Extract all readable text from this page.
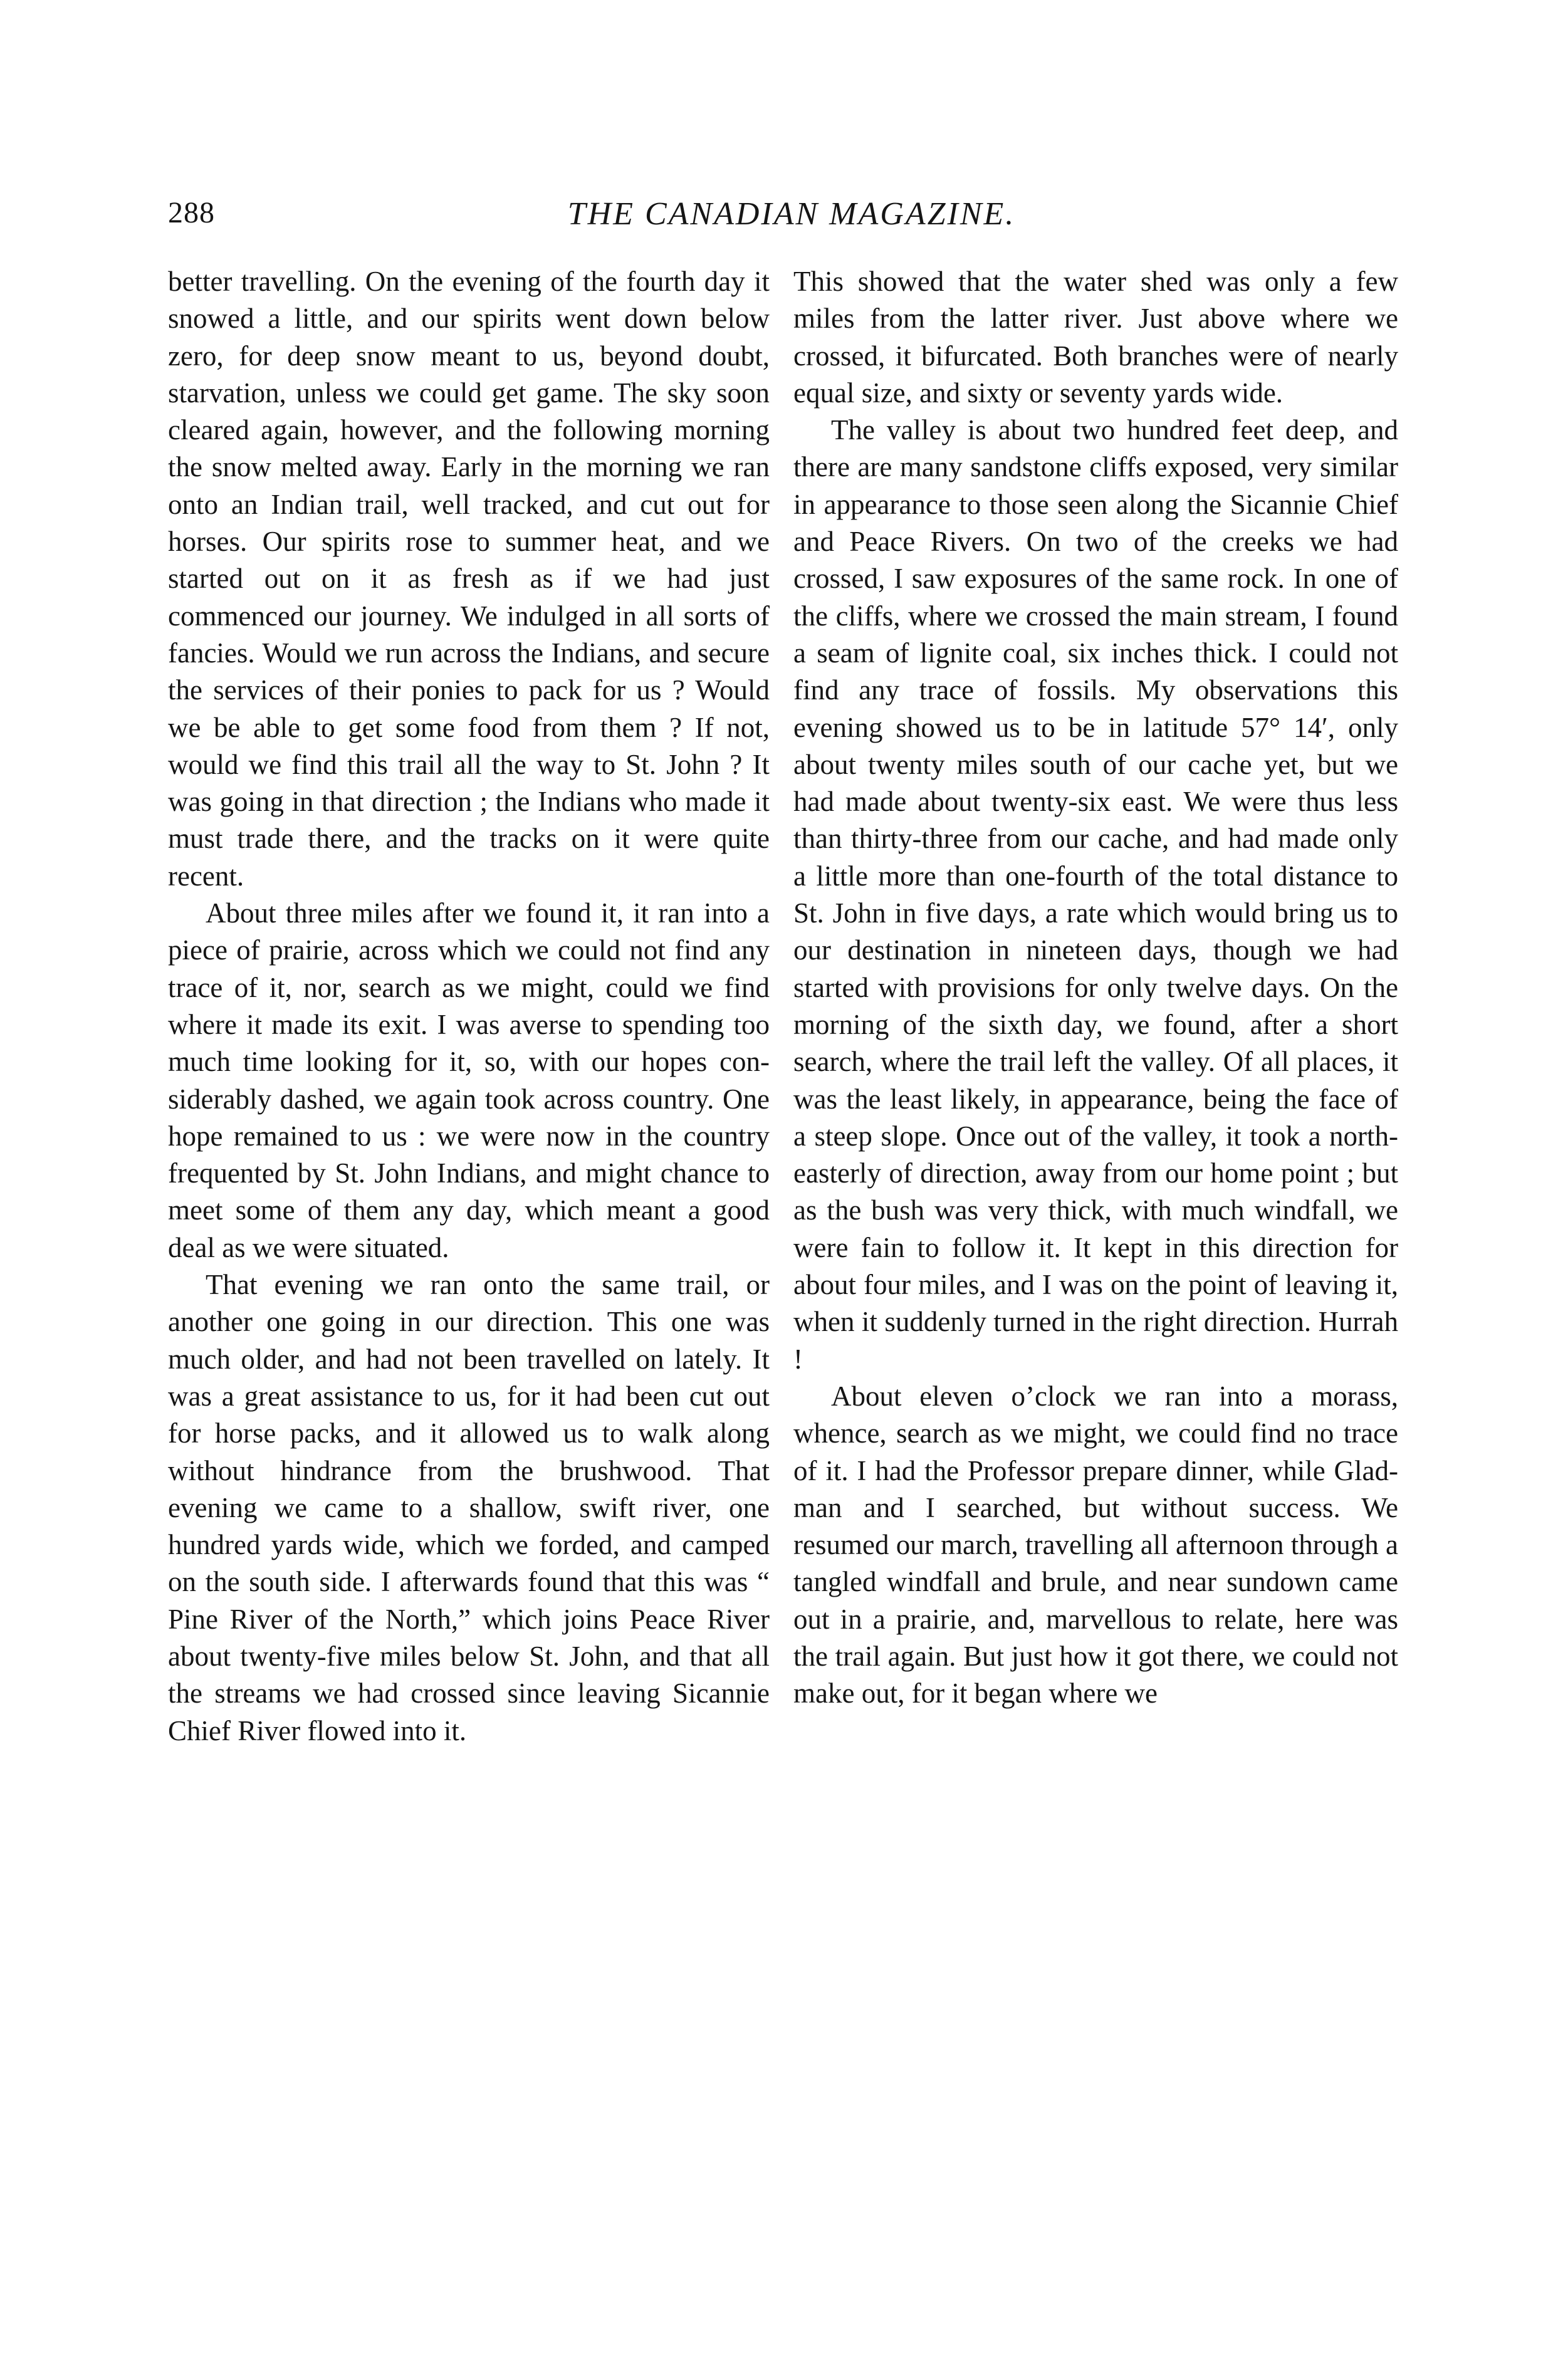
288	THE CANADIAN MAGAZINE.

better travelling. On the evening of the fourth day it snowed a little, and our spirits went down below zero, for deep snow meant to us, beyond doubt, starvation, unless we could get game. The sky soon cleared again, however, and the following morning the snow melted away. Early in the morning we ran onto an Indian trail, well tracked, and cut out for horses. Our spirits rose to summer heat, and we started out on it as fresh as if we had just commenced our journey. We indulged in all sorts of fancies. Would we run across the Indians, and secure the services of their ponies to pack for us ? Would we be able to get some food from them ? If not, would we find this trail all the way to St. John ? It was going in that direction ; the Indians who made it must trade there, and the tracks on it were quite recent.

About three miles after we found it, it ran into a piece of prairie, across which we could not find any trace of it, nor, search as we might, could we find where it made its exit. I was averse to spending too much time looking for it, so, with our hopes considerably dashed, we again took across country. One hope remained to us : we were now in the country frequented by St. John Indians, and might chance to meet some of them any day, which meant a good deal as we were situated.

That evening we ran onto the same trail, or another one going in our direction. This one was much older, and had not been travelled on lately. It was a great assistance to us, for it had been cut out for horse packs, and it allowed us to walk along without hindrance from the brushwood. That evening we came to a shallow, swift river, one hundred yards wide, which we forded, and camped on the south side. I afterwards found that this was “ Pine River of the North,” which joins Peace River about twenty-five miles below St. John, and that all the streams we had crossed since leaving Sicannie Chief River flowed into it.

This showed that the water shed was only a few miles from the latter river. Just above where we crossed, it bifurcated. Both branches were of nearly equal size, and sixty or seventy yards wide.

The valley is about two hundred feet deep, and there are many sandstone cliffs exposed, very similar in appearance to those seen along the Sicannie Chief and Peace Rivers. On two of the creeks we had crossed, I saw exposures of the same rock. In one of the cliffs, where we crossed the main stream, I found a seam of lignite coal, six inches thick. I could not find any trace of fossils. My observations this evening showed us to be in latitude 57° 14′, only about twenty miles south of our cache yet, but we had made about twenty-six east. We were thus less than thirty-three from our cache, and had made only a little more than one-fourth of the total distance to St. John in five days, a rate which would bring us to our destination in nineteen days, though we had started with provisions for only twelve days. On the morning of the sixth day, we found, after a short search, where the trail left the valley. Of all places, it was the least likely, in appearance, being the face of a steep slope. Once out of the valley, it took a north-easterly of direction, away from our home point ; but as the bush was very thick, with much windfall, we were fain to follow it. It kept in this direction for about four miles, and I was on the point of leaving it, when it suddenly turned in the right direction. Hurrah !

About eleven o’clock we ran into a morass, whence, search as we might, we could find no trace of it. I had the Professor prepare dinner, while Gladman and I searched, but without success. We resumed our march, travelling all afternoon through a tangled windfall and brule, and near sundown came out in a prairie, and, marvellous to relate, here was the trail again. But just how it got there, we could not make out, for it began where we
